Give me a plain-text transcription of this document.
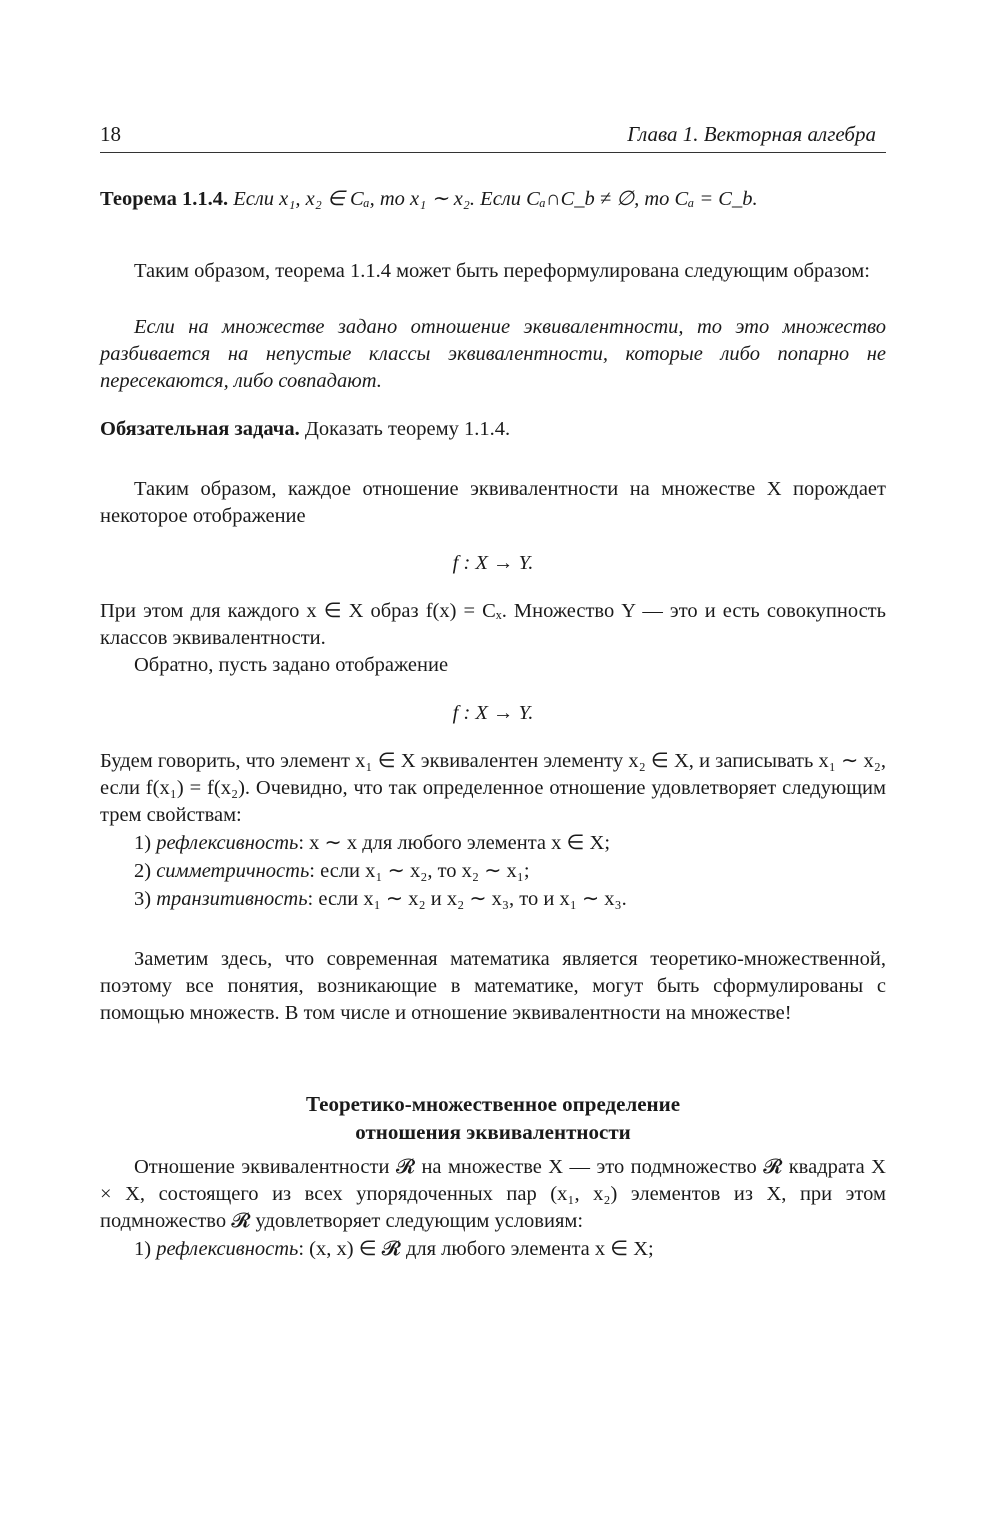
18	Глава 1. Векторная алгебра
Теорема 1.1.4. Если x₁, x₂ ∈ Cₐ, то x₁ ∼ x₂. Если Cₐ∩C_b ≠ ∅, то Cₐ = C_b.
Таким образом, теорема 1.1.4 может быть переформулирована следующим образом:
Если на множестве задано отношение эквивалентности, то это множество разбивается на непустые классы эквивалентности, которые либо попарно не пересекаются, либо совпадают.
Обязательная задача. Доказать теорему 1.1.4.
Таким образом, каждое отношение эквивалентности на множестве X порождает некоторое отображение
f : X → Y.
При этом для каждого x ∈ X образ f(x) = Cₓ. Множество Y — это и есть совокупность классов эквивалентности.
Обратно, пусть задано отображение
f : X → Y.
Будем говорить, что элемент x₁ ∈ X эквивалентен элементу x₂ ∈ X, и записывать x₁ ∼ x₂, если f(x₁) = f(x₂). Очевидно, что так определенное отношение удовлетворяет следующим трем свойствам:
1) рефлексивность: x ∼ x для любого элемента x ∈ X;
2) симметричность: если x₁ ∼ x₂, то x₂ ∼ x₁;
3) транзитивность: если x₁ ∼ x₂ и x₂ ∼ x₃, то и x₁ ∼ x₃.
Заметим здесь, что современная математика является теоретико-множественной, поэтому все понятия, возникающие в математике, могут быть сформулированы с помощью множеств. В том числе и отношение эквивалентности на множестве!
Теоретико-множественное определение
отношения эквивалентности
Отношение эквивалентности 𝓡 на множестве X — это подмножество 𝓡 квадрата X × X, состоящего из всех упорядоченных пар (x₁, x₂) элементов из X, при этом подмножество 𝓡 удовлетворяет следующим условиям:
1) рефлексивность: (x, x) ∈ 𝓡 для любого элемента x ∈ X;
